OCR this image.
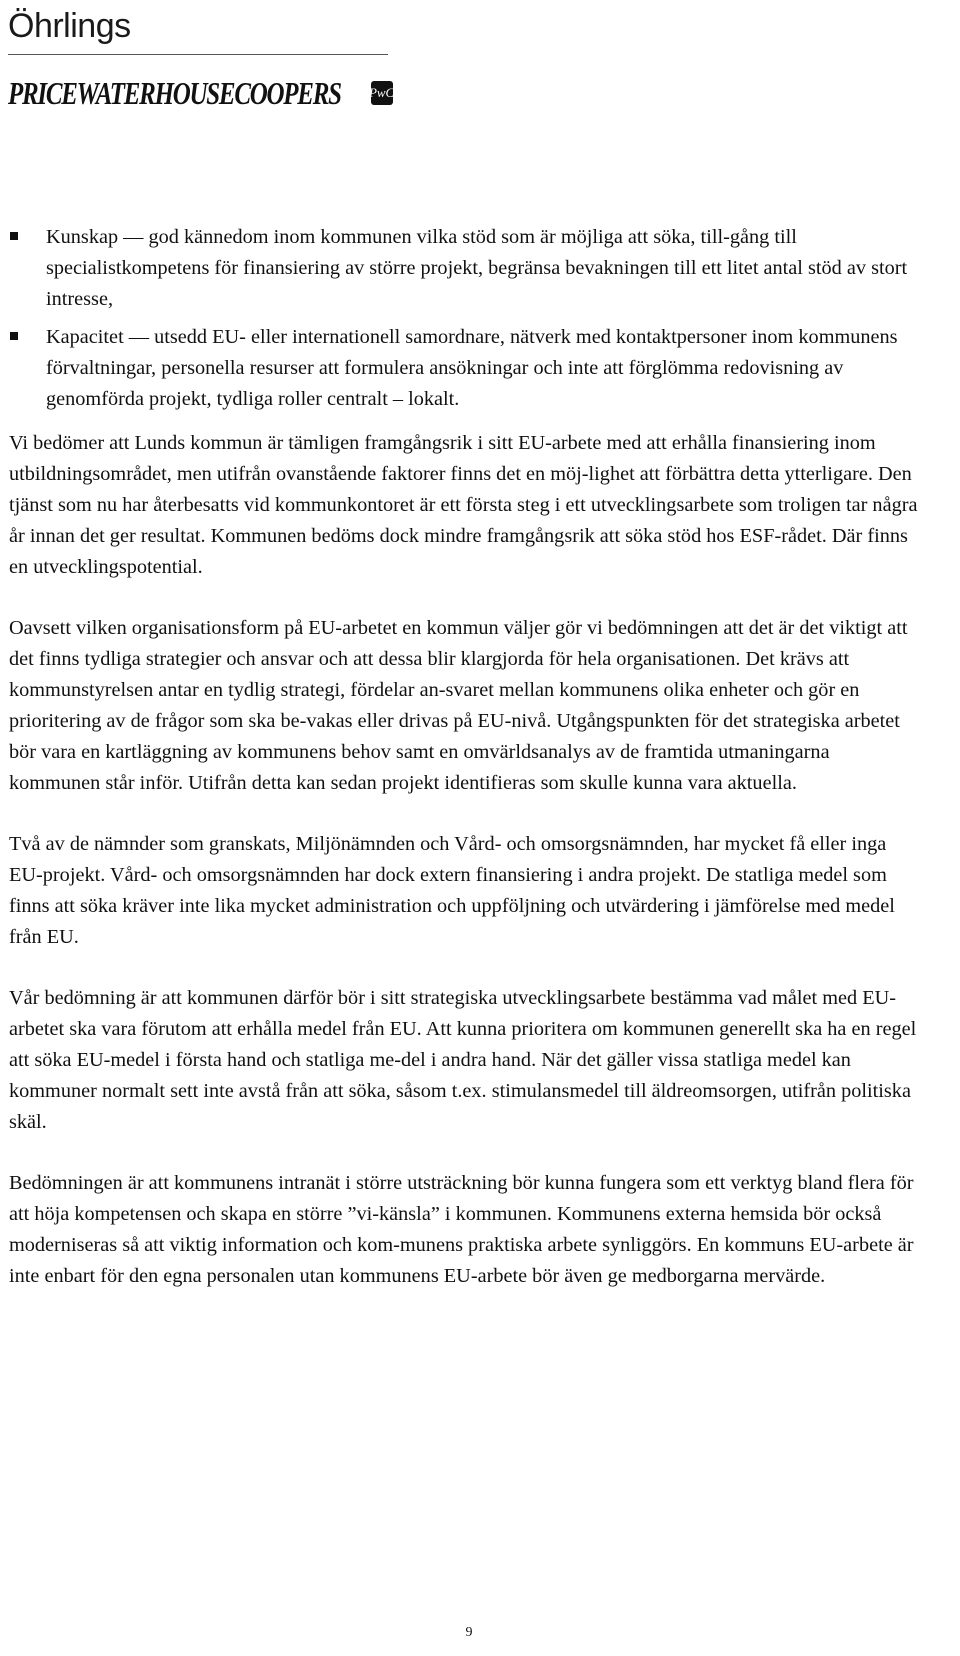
Öhrlings
PRICEWATERHOUSECOOPERS PwC
Kunskap — god kännedom inom kommunen vilka stöd som är möjliga att söka, till-gång till specialistkompetens för finansiering av större projekt, begränsa bevakningen till ett litet antal stöd av stort intresse,
Kapacitet — utsedd EU- eller internationell samordnare, nätverk med kontaktpersoner inom kommunens förvaltningar, personella resurser att formulera ansökningar och inte att förglömma redovisning av genomförda projekt, tydliga roller centralt – lokalt.

Vi bedömer att Lunds kommun är tämligen framgångsrik i sitt EU-arbete med att erhålla finansiering inom utbildningsområdet, men utifrån ovanstående faktorer finns det en möj-lighet att förbättra detta ytterligare. Den tjänst som nu har återbesatts vid kommunkontoret är ett första steg i ett utvecklingsarbete som troligen tar några år innan det ger resultat. Kommunen bedöms dock mindre framgångsrik att söka stöd hos ESF-rådet. Där finns en utvecklingspotential.

Oavsett vilken organisationsform på EU-arbetet en kommun väljer gör vi bedömningen att det är det viktigt att det finns tydliga strategier och ansvar och att dessa blir klargjorda för hela organisationen. Det krävs att kommunstyrelsen antar en tydlig strategi, fördelar an-svaret mellan kommunens olika enheter och gör en prioritering av de frågor som ska be-vakas eller drivas på EU-nivå. Utgångspunkten för det strategiska arbetet bör vara en kartläggning av kommunens behov samt en omvärldsanalys av de framtida utmaningarna kommunen står inför. Utifrån detta kan sedan projekt identifieras som skulle kunna vara aktuella.

Två av de nämnder som granskats, Miljönämnden och Vård- och omsorgsnämnden, har mycket få eller inga EU-projekt. Vård- och omsorgsnämnden har dock extern finansiering i andra projekt. De statliga medel som finns att söka kräver inte lika mycket administration och uppföljning och utvärdering i jämförelse med medel från EU.

Vår bedömning är att kommunen därför bör i sitt strategiska utvecklingsarbete bestämma vad målet med EU-arbetet ska vara förutom att erhålla medel från EU. Att kunna prioritera om kommunen generellt ska ha en regel att söka EU-medel i första hand och statliga me-del i andra hand. När det gäller vissa statliga medel kan kommuner normalt sett inte avstå från att söka, såsom t.ex. stimulansmedel till äldreomsorgen, utifrån politiska skäl.

Bedömningen är att kommunens intranät i större utsträckning bör kunna fungera som ett verktyg bland flera för att höja kompetensen och skapa en större ”vi-känsla” i kommunen. Kommunens externa hemsida bör också moderniseras så att viktig information och kom-munens praktiska arbete synliggörs. En kommuns EU-arbete är inte enbart för den egna personalen utan kommunens EU-arbete bör även ge medborgarna mervärde.

9
